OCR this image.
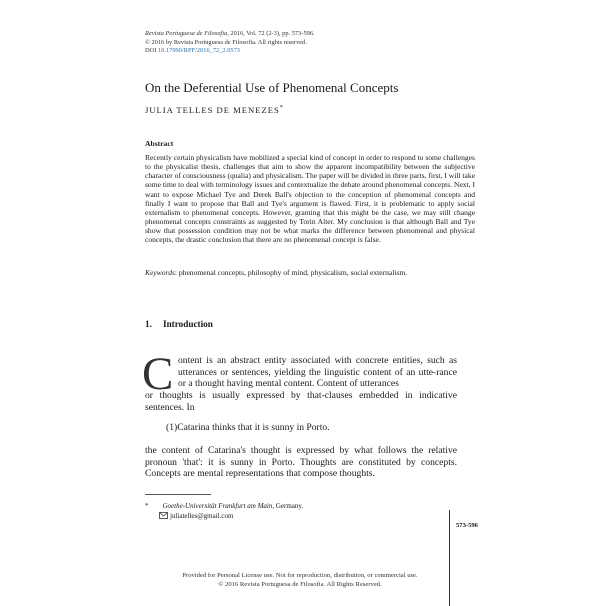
Revista Portuguesa de Filosofia, 2016, Vol. 72 (2-3), pp. 573-596.
© 2016 by Revista Portuguesa de Filosofia. All rights reserved.
DOI 10.17990/RPF/2016_72_2.0573
On the Deferential Use of Phenomenal Concepts
JULIA TELLES DE MENEZES*
Abstract
Recently certain physicalists have mobilized a special kind of concept in order to respond to some challenges to the physicalist thesis, challenges that aim to show the apparent incompatibility between the subjective character of consciousness (qualia) and physicalism. The paper will be divided in three parts, first, I will take some time to deal with terminology issues and contextualize the debate around phenomenal concepts. Next, I want to expose Michael Tye and Derek Ball's objection to the conception of phenomenal concepts and finally I want to propose that Ball and Tye's argument is flawed. First, it is problematic to apply social externalism to phenomenal concepts. However, granting that this might be the case, we may still change phenomenal concepts constraints as suggested by Torin Alter. My conclusion is that although Ball and Tye show that possession condition may not be what marks the difference between phenomenal and physical concepts, the drastic conclusion that there are no phenomenal concept is false.
Keywords: phenomenal concepts, philosophy of mind, physicalism, social externalism.
1. Introduction
C ontent is an abstract entity associated with concrete entities, such as utterances or sentences, yielding the linguistic content of an utte-rance or a thought having mental content. Content of utterances
or thoughts is usually expressed by that-clauses embedded in indicative sentences. In
(1)Catarina thinks that it is sunny in Porto.
the content of Catarina's thought is expressed by what follows the relative pronoun 'that': it is sunny in Porto. Thoughts are constituted by concepts. Concepts are mental representations that compose thoughts.
* Goethe-Universität Frankfurt am Main, Germany.
juliatelles@gmail.com
573-596
Provided for Personal License use. Not for reproduction, distribution, or commercial use.
© 2016 Revista Portuguesa de Filosofia. All Rights Reserved.
